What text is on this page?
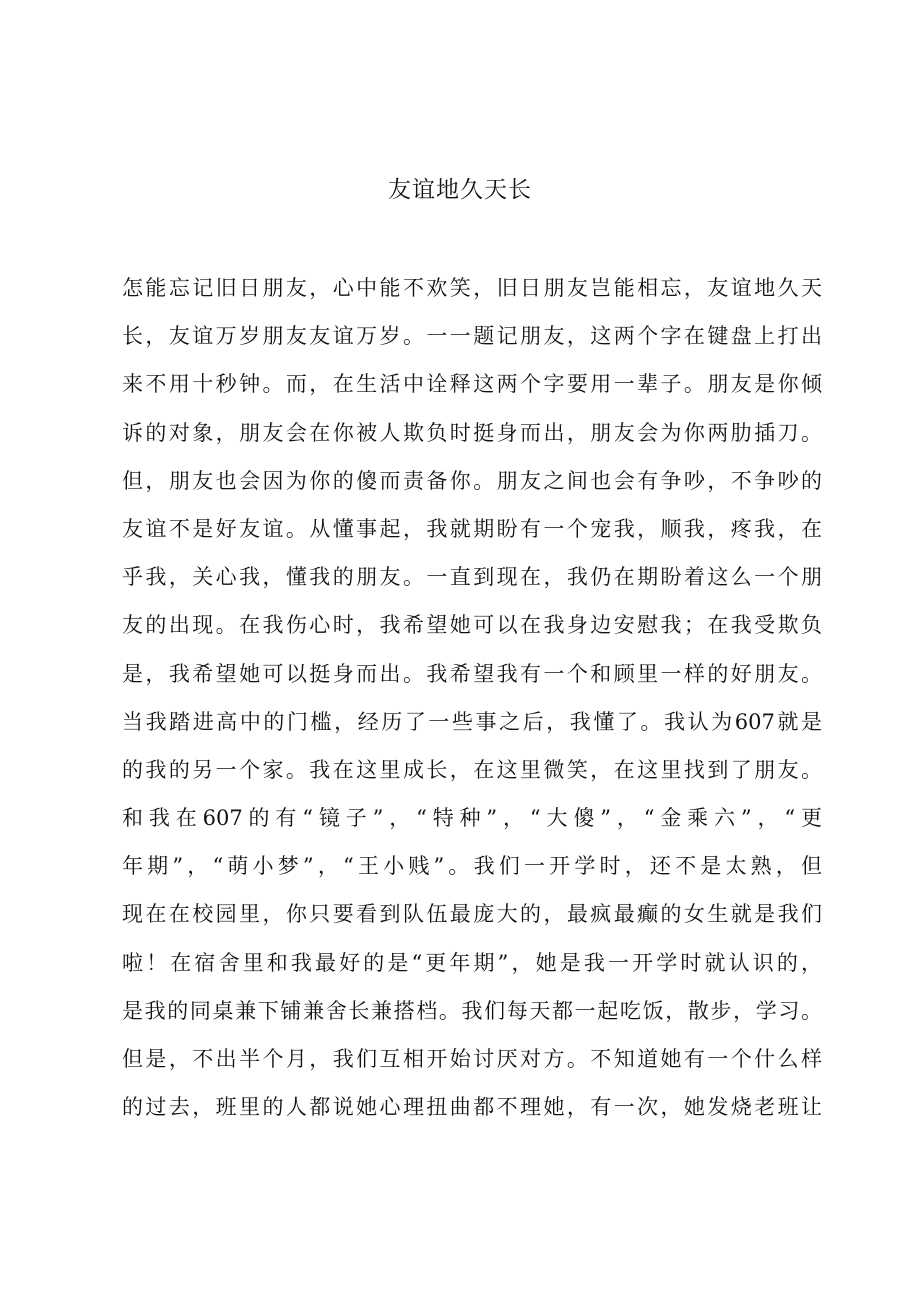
友谊地久天长
怎能忘记旧日朋友，心中能不欢笑，旧日朋友岂能相忘，友谊地久天
长，友谊万岁朋友友谊万岁。一一题记朋友，这两个字在键盘上打出
来不用十秒钟。而，在生活中诠释这两个字要用一辈子。朋友是你倾
诉的对象，朋友会在你被人欺负时挺身而出，朋友会为你两肋插刀。
但，朋友也会因为你的傻而责备你。朋友之间也会有争吵，不争吵的
友谊不是好友谊。从懂事起，我就期盼有一个宠我，顺我，疼我，在
乎我，关心我，懂我的朋友。一直到现在，我仍在期盼着这么一个朋
友的出现。在我伤心时，我希望她可以在我身边安慰我；在我受欺负
是，我希望她可以挺身而出。我希望我有一个和顾里一样的好朋友。
当我踏进高中的门槛，经历了一些事之后，我懂了。我认为607就是
的我的另一个家。我在这里成长，在这里微笑，在这里找到了朋友。
和我在607的有“镜子”，“特种”，“大傻”，“金乘六”，“更
年期”，“萌小梦”，“王小贱”。我们一开学时，还不是太熟，但
现在在校园里，你只要看到队伍最庞大的，最疯最癫的女生就是我们
啦！在宿舍里和我最好的是“更年期”，她是我一开学时就认识的，
是我的同桌兼下铺兼舍长兼搭档。我们每天都一起吃饭，散步，学习。
但是，不出半个月，我们互相开始讨厌对方。不知道她有一个什么样
的过去，班里的人都说她心理扭曲都不理她，有一次，她发烧老班让
